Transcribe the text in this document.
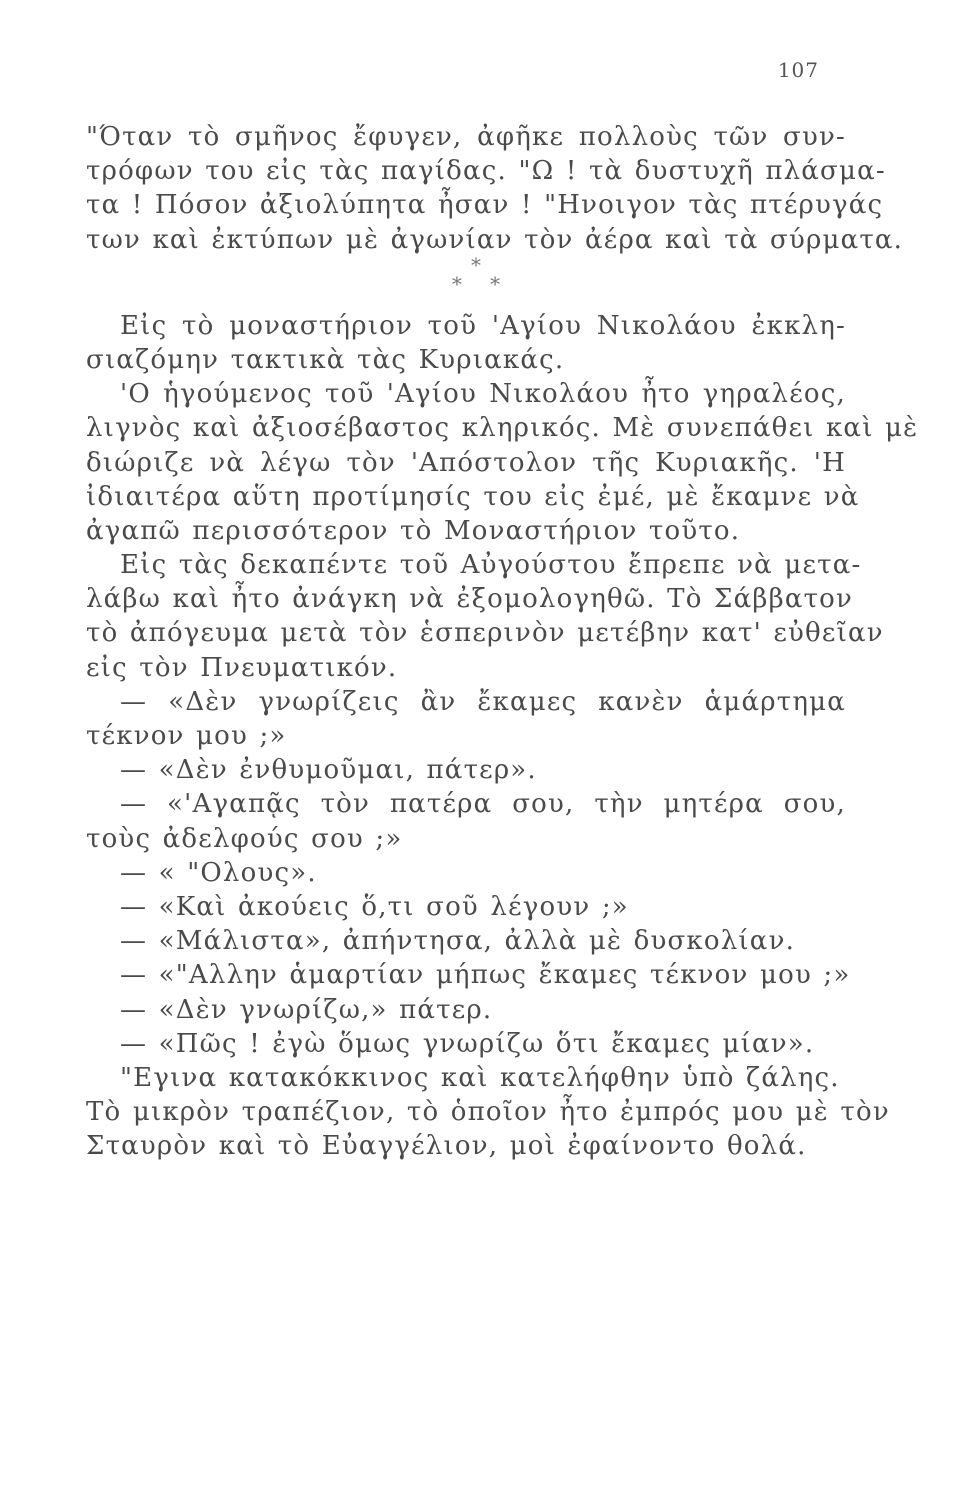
107
"Όταν τὸ σμῆνος ἔφυγεν, ἀφῆκε πολλοὺς τῶν συν-
τρόφων του εἰς τὰς παγίδας. "Ω ! τὰ δυστυχῆ πλάσμα-
τα ! Πόσον ἀξιολύπητα ἦσαν ! "Ηνοιγον τὰς πτέρυγάς
των καὶ ἐκτύπων μὲ ἀγωνίαν τὸν ἀέρα καὶ τὰ σύρματα.
*
* *
Εἰς τὸ μοναστήριον τοῦ 'Αγίου Νικολάου ἐκκλη-
σιαζόμην τακτικὰ τὰς Κυριακάς.
'Ο ἡγούμενος τοῦ 'Αγίου Νικολάου ἦτο γηραλέος,
λιγνὸς καὶ ἀξιοσέβαστος κληρικός. Μὲ συνεπάθει καὶ μὲ
διώριζε νὰ λέγω τὸν 'Απόστολον τῆς Κυριακῆς. 'Η
ἰδιαιτέρα αὕτη προτίμησίς του εἰς ἐμέ, μὲ ἔκαμνε νὰ
ἀγαπῶ περισσότερον τὸ Μοναστήριον τοῦτο.
Εἰς τὰς δεκαπέντε τοῦ Αὐγούστου ἔπρεπε νὰ μετα-
λάβω καὶ ἦτο ἀνάγκη νὰ ἐξομολογηθῶ. Τὸ Σάββατον
τὸ ἀπόγευμα μετὰ τὸν ἑσπερινὸν μετέβην κατ' εὐθεῖαν
εἰς τὸν Πνευματικόν.
— «Δὲν γνωρίζεις ἂν ἔκαμες κανὲν ἁμάρτημα
τέκνον μου ;»
— «Δὲν ἐνθυμοῦμαι, πάτερ».
— «'Αγαπᾷς τὸν πατέρα σου, τὴν μητέρα σου,
τοὺς ἀδελφούς σου ;»
— « "Ολους».
— «Καὶ ἀκούεις ὅ,τι σοῦ λέγουν ;»
— «Μάλιστα», ἀπήντησα, ἀλλὰ μὲ δυσκολίαν.
— «"Αλλην ἁμαρτίαν μήπως ἔκαμες τέκνον μου ;»
— «Δὲν γνωρίζω,» πάτερ.
— «Πῶς ! ἐγὼ ὅμως γνωρίζω ὅτι ἔκαμες μίαν».
"Εγινα κατακόκκινος καὶ κατελήφθην ὑπὸ ζάλης.
Τὸ μικρὸν τραπέζιον, τὸ ὁποῖον ἦτο ἐμπρός μου μὲ τὸν
Σταυρὸν καὶ τὸ Εὐαγγέλιον, μοὶ ἐφαίνοντο θολά.
